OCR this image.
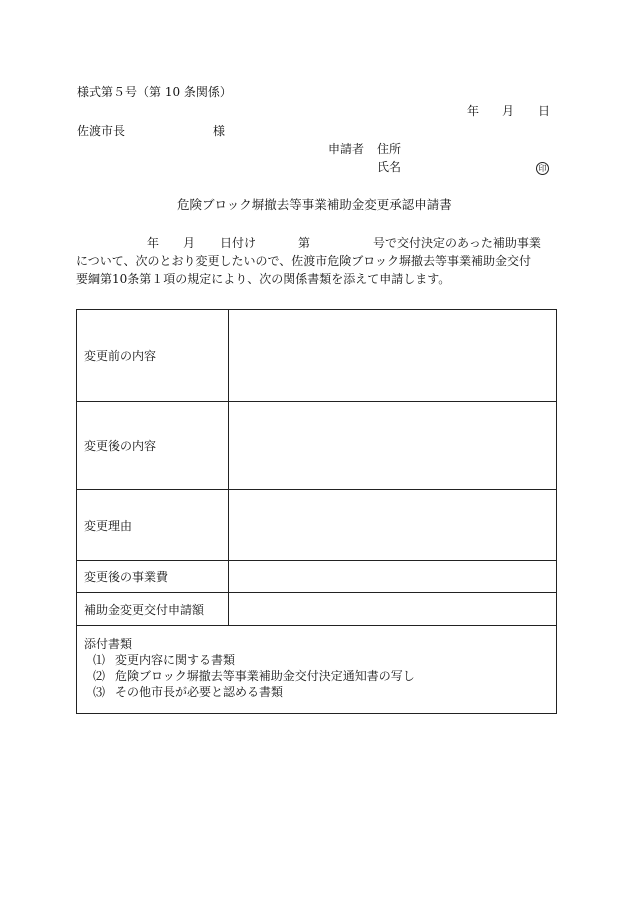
様式第５号（第 10 条関係）
年 月 日
佐渡市長	様
申請者 住所
氏名	印
危険ブロック塀撤去等事業補助金変更承認申請書
年 月 日付け	第	号で交付決定のあった補助事業
について、次のとおり変更したいので、佐渡市危険ブロック塀撤去等事業補助金交付
要綱第10条第１項の規定により、次の関係書類を添えて申請します。
変更前の内容	
変更後の内容	
変更理由	
変更後の事業費	
補助金変更交付申請額	

添付書類
⑴ 変更内容に関する書類
⑵ 危険ブロック塀撤去等事業補助金交付決定通知書の写し
⑶ その他市長が必要と認める書類	
